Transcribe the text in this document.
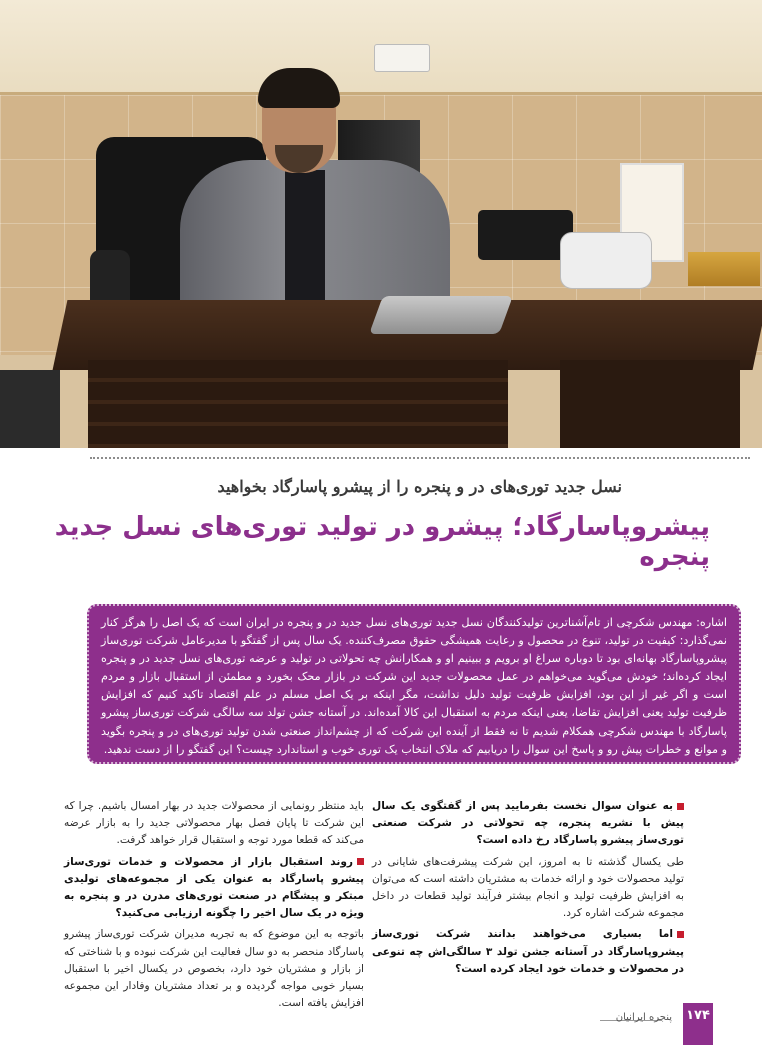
نسل جدید توری‌های در و پنجره را از پیشرو پاسارگاد بخواهید
پیشروپاسارگاد؛ پیشرو در تولید توری‌های نسل جدید پنجره
اشاره: مهندس شکرچی از تام‌آشناترین تولیدکنندگان نسل جدید توری‌های نسل جدید در و پنجره در ایران است که یک اصل را هرگز کنار نمی‌گذارد: کیفیت در تولید، تنوع در محصول و رعایت همیشگی حقوق مصرف‌کننده. یک سال پس از گفتگو با مدیرعامل شرکت توری‌ساز پیشروپاسارگاد بهانه‌ای بود تا دوباره سراغ او برویم و ببینیم او و همکارانش چه تحولاتی در تولید و عرضه توری‌های نسل جدید در و پنجره ایجاد کرده‌اند؛ خودش می‌گوید می‌خواهم در عمل محصولات جدید این شرکت در بازار محک بخورد و مطمئن از استقبال بازار و مردم است و اگر غیر از این بود، افزایش ظرفیت تولید دلیل نداشت، مگر اینکه بر یک اصل مسلم در علم اقتصاد تاکید کنیم که افزایش ظرفیت تولید یعنی افزایش تقاضا، یعنی اینکه مردم به استقبال این کالا آمده‌اند. در آستانه جشن تولد سه سالگی شرکت توری‌ساز پیشرو پاسارگاد با مهندس شکرچی همکلام شدیم تا نه فقط از آینده این شرکت که از چشم‌انداز صنعتی شدن تولید توری‌های در و پنجره بگوید و موانع و خطرات پیش رو و پاسخ این سوال را دریابیم که ملاک انتخاب یک توری خوب و استاندارد چیست؟ این گفتگو را از دست ندهید.

به عنوان سوال نخست بفرمایید پس از گفتگوی یک سال پیش با نشریه پنجره، چه تحولاتی در شرکت صنعتی توری‌ساز پیشرو پاسارگاد رخ داده است؟

طی یکسال گذشته تا به امروز، این شرکت پیشرفت‌های شایانی در تولید محصولات خود و ارائه خدمات به مشتریان داشته است که می‌توان به افزایش ظرفیت تولید و انجام بیشتر فرآیند تولید قطعات در داخل مجموعه شرکت اشاره کرد.

اما بسیاری می‌خواهند بدانند شرکت توری‌ساز پیشروپاسارگاد در آستانه جشن تولد ۳ سالگی‌اش چه تنوعی در محصولات و خدمات خود ایجاد کرده است؟

باید منتظر رونمایی از محصولات جدید در بهار امسال باشیم. چرا که این شرکت تا پایان فصل بهار محصولاتی جدید را به بازار عرضه می‌کند که قطعا مورد توجه و استقبال قرار خواهد گرفت.

روند استقبال بازار از محصولات و خدمات توری‌ساز پیشرو پاسارگاد به عنوان یکی از مجموعه‌های تولیدی مبتکر و پیشگام در صنعت توری‌های مدرن در و پنجره به ویژه در یک سال اخیر را چگونه ارزیابی می‌کنید؟

باتوجه به این موضوع که به تجربه مدیران شرکت توری‌ساز پیشرو پاسارگاد منحصر به دو سال فعالیت این شرکت نبوده و با شناختی که از بازار و مشتریان خود دارد، بخصوص در یکسال اخیر با استقبال بسیار خوبی مواجه گردیده و بر تعداد مشتریان وفادار این مجموعه افزایش یافته است.

پنجره ایرانیان ۱۷۴
